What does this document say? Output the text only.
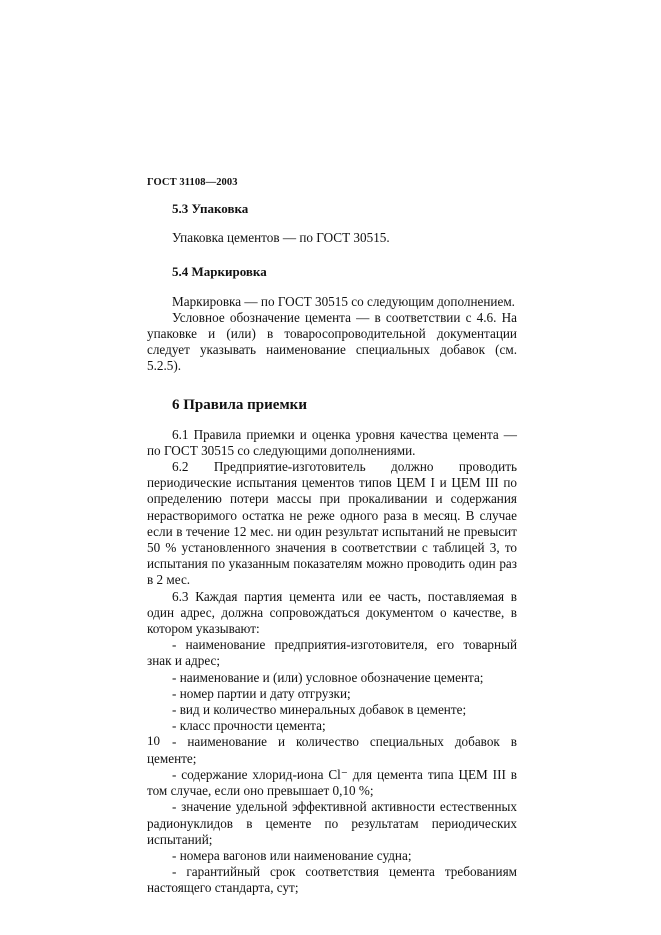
ГОСТ 31108—2003

5.3 Упаковка

Упаковка цементов — по ГОСТ 30515.

5.4 Маркировка

Маркировка — по ГОСТ 30515 со следующим дополнением.

Условное обозначение цемента — в соответствии с 4.6. На упаковке и (или) в товаросопроводительной документации следует указывать наименование специальных добавок (см. 5.2.5).

6 Правила приемки

6.1 Правила приемки и оценка уровня качества цемента — по ГОСТ 30515 со следующими дополнениями.

6.2 Предприятие-изготовитель должно проводить периодические испытания цементов типов ЦЕМ I и ЦЕМ III по определению потери массы при прокаливании и содержания нерастворимого остатка не реже одного раза в месяц. В случае если в течение 12 мес. ни один результат испытаний не превысит 50 % установленного значения в соответствии с таблицей 3, то испытания по указанным показателям можно проводить один раз в 2 мес.

6.3 Каждая партия цемента или ее часть, поставляемая в один адрес, должна сопровождаться документом о качестве, в котором указывают:

- наименование предприятия-изготовителя, его товарный знак и адрес;

- наименование и (или) условное обозначение цемента;

- номер партии и дату отгрузки;

- вид и количество минеральных добавок в цементе;

- класс прочности цемента;

- наименование и количество специальных добавок в цементе;

- содержание хлорид-иона Cl⁻ для цемента типа ЦЕМ III в том случае, если оно превышает 0,10 %;

- значение удельной эффективной активности естественных радионуклидов в цементе по результатам периодических испытаний;

- номера вагонов или наименование судна;

- гарантийный срок соответствия цемента требованиям настоящего стандарта, сут;

10
